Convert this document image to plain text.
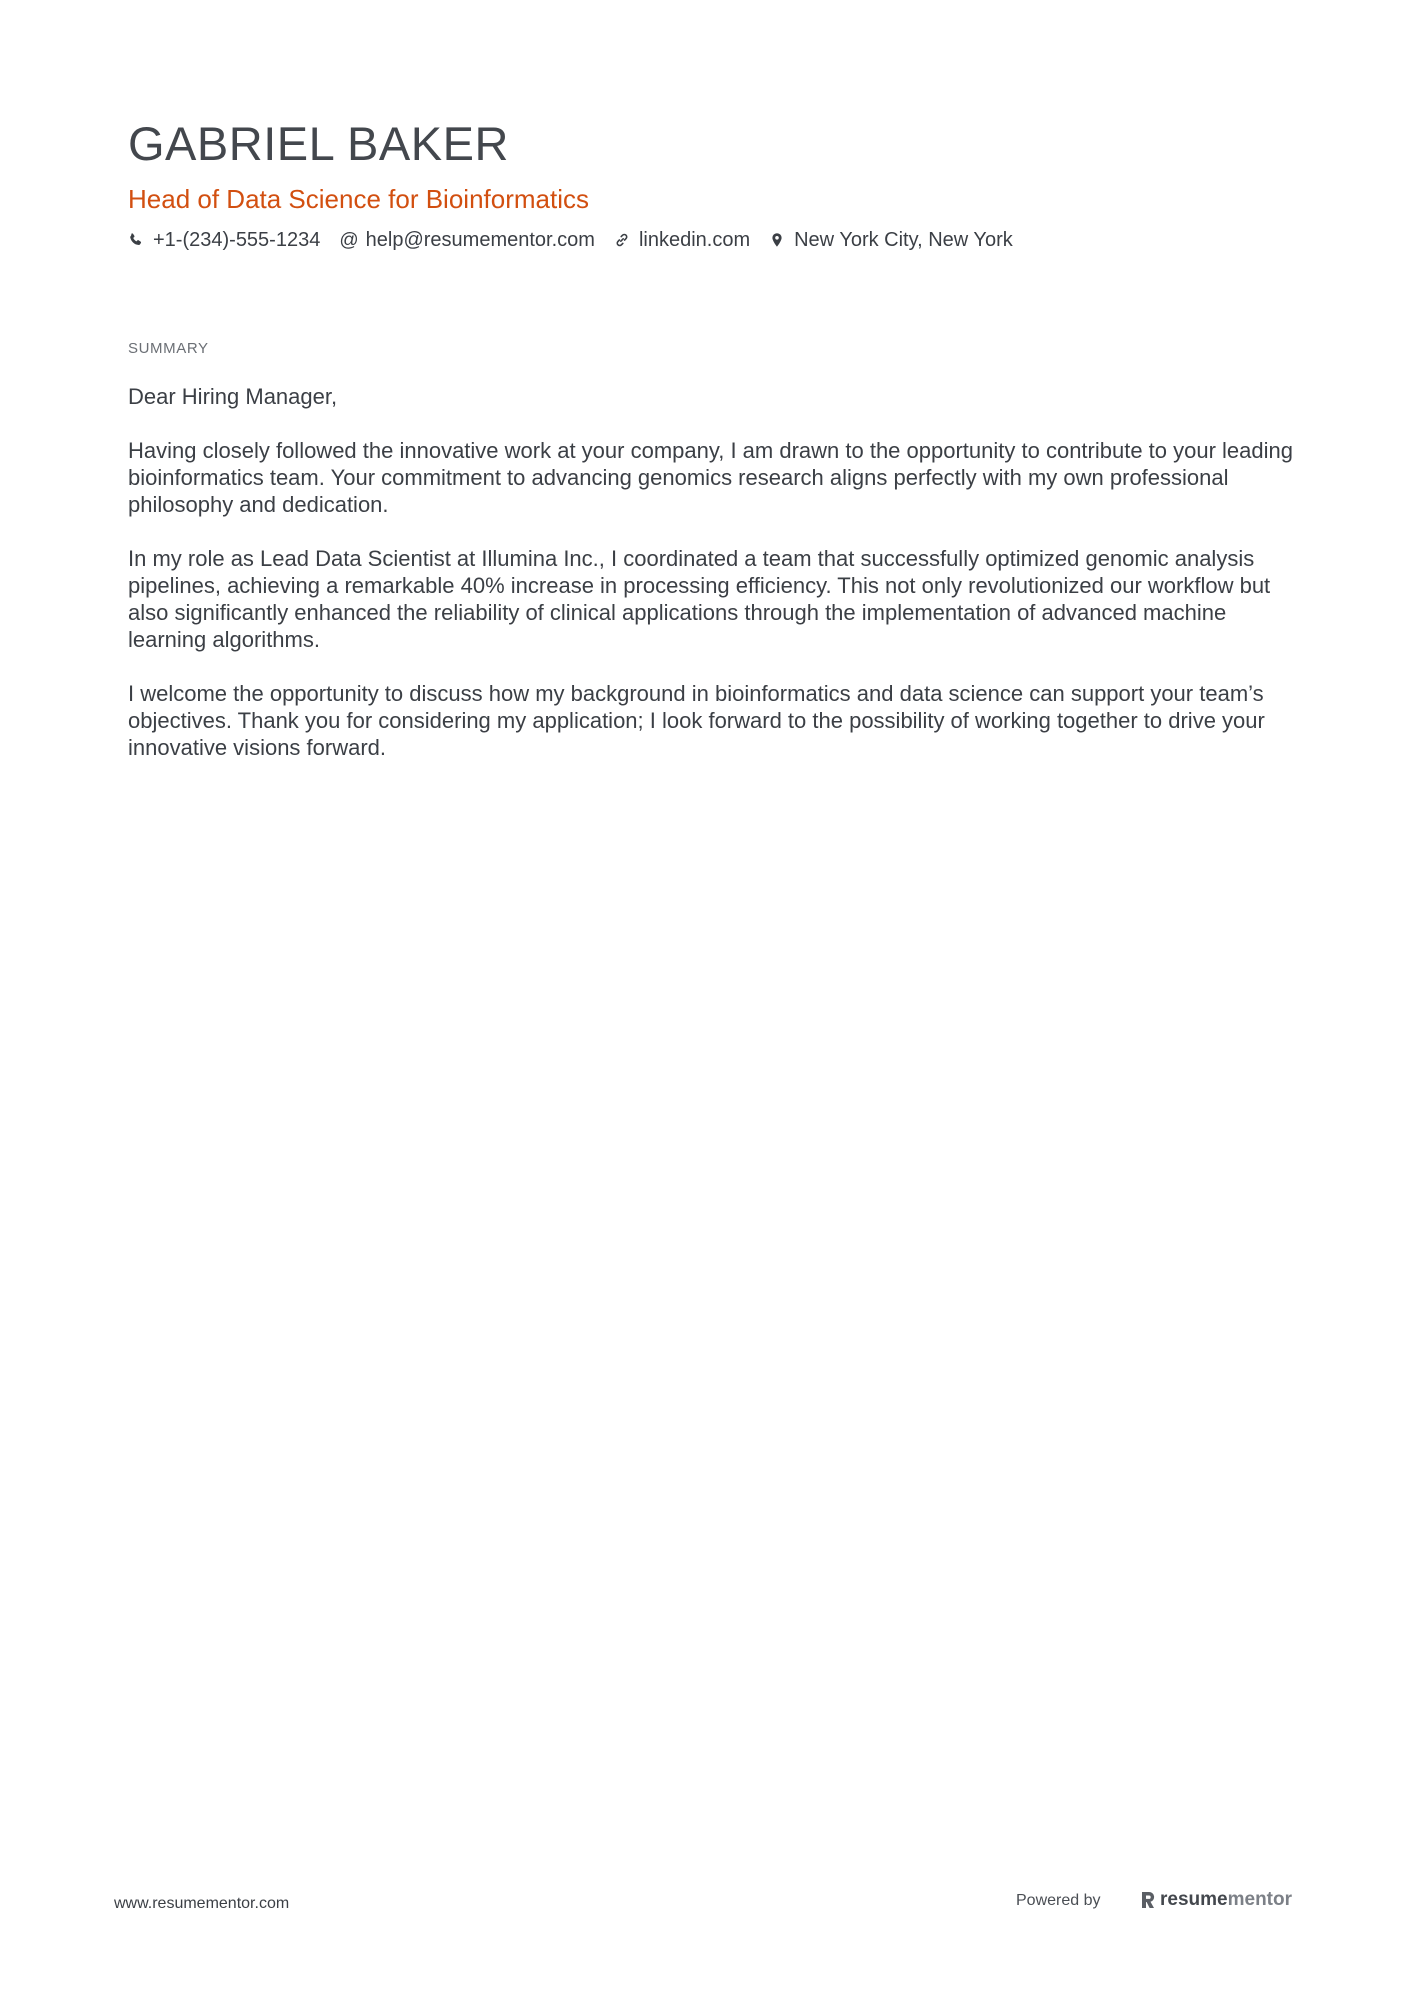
GABRIEL BAKER
Head of Data Science for Bioinformatics
+1-(234)-555-1234 @ help@resumementor.com linkedin.com New York City, New York
SUMMARY

Dear Hiring Manager,

Having closely followed the innovative work at your company, I am drawn to the opportunity to contribute to your leading bioinformatics team. Your commitment to advancing genomics research aligns perfectly with my own professional philosophy and dedication.

In my role as Lead Data Scientist at Illumina Inc., I coordinated a team that successfully optimized genomic analysis pipelines, achieving a remarkable 40% increase in processing efficiency. This not only revolutionized our workflow but also significantly enhanced the reliability of clinical applications through the implementation of advanced machine learning algorithms.

I welcome the opportunity to discuss how my background in bioinformatics and data science can support your team’s objectives. Thank you for considering my application; I look forward to the possibility of working together to drive your innovative visions forward.

www.resumementor.com	Powered by	resume mentor
